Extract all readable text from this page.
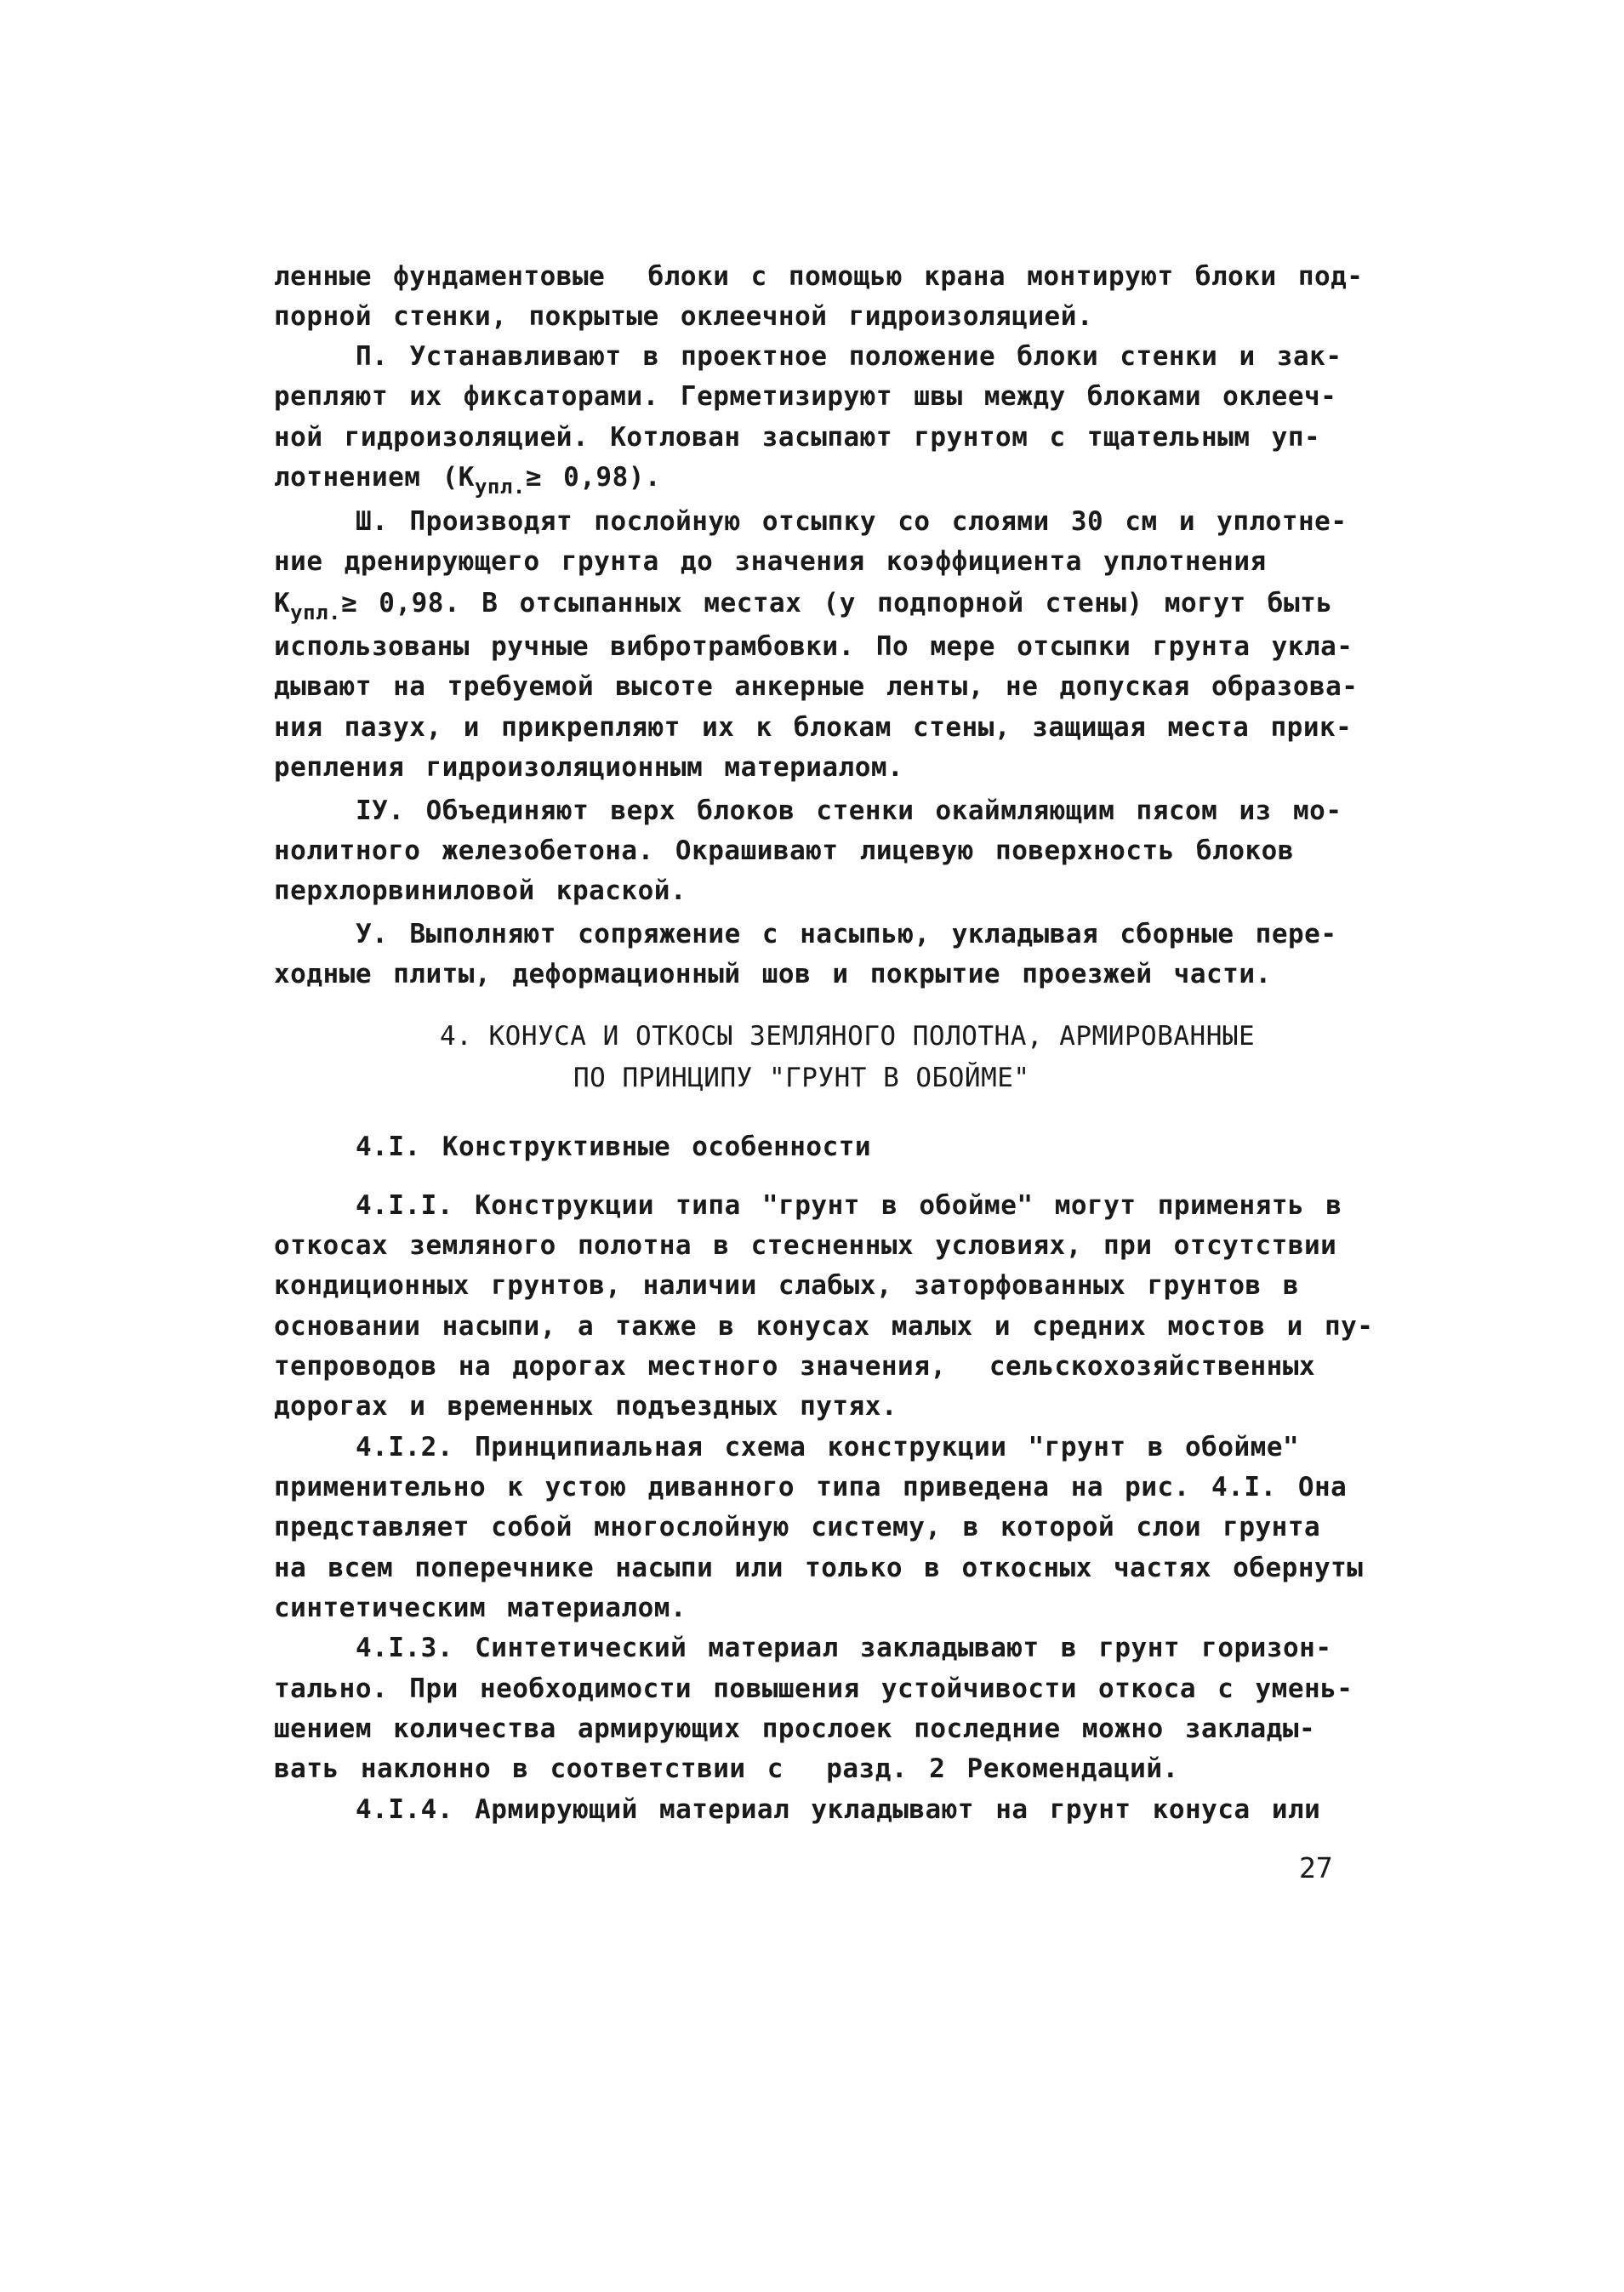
ленные фундаментовые  блоки с помощью крана монтируют блоки под-
порной стенки, покрытые оклеечной гидроизоляцией.
П. Устанавливают в проектное положение блоки стенки и зак-
репляют их фиксаторами. Герметизируют швы между блоками оклееч-
ной гидроизоляцией. Котлован засыпают грунтом с тщательным уп-
лотнением $(К_{упл.}\ge 0,98)$.
Ш. Производят послойную отсыпку со слоями 30 см и уплотне-
ние дренирующего грунта до значения коэффициента уплотнения
$К_{упл.}\ge 0,98$. В отсыпанных местах (у подпорной стены) могут быть
использованы ручные вибротрамбовки. По мере отсыпки грунта укла-
дывают на требуемой высоте анкерные ленты, не допуская образова-
ния пазух, и прикрепляют их к блокам стены, защищая места прик-
репления гидроизоляционным материалом.
IУ. Объединяют верх блоков стенки окаймляющим пясом из мо-
нолитного железобетона. Окрашивают лицевую поверхность блоков
перхлорвиниловой краской.
У. Выполняют сопряжение с насыпью, укладывая сборные пере-
ходные плиты, деформационный шов и покрытие проезжей части.
4. КОНУСА И ОТКОСЫ ЗЕМЛЯНОГО ПОЛОТНА, АРМИРОВАННЫЕ
ПО ПРИНЦИПУ "ГРУНТ В ОБОЙМЕ"
4.I. Конструктивные особенности
4.I.I. Конструкции типа "грунт в обойме" могут применять в
откосах земляного полотна в стесненных условиях, при отсутствии
кондиционных грунтов, наличии слабых, заторфованных грунтов в
основании насыпи, а также в конусах малых и средних мостов и пу-
тепроводов на дорогах местного значения,  сельскохозяйственных
дорогах и временных подъездных путях.
4.I.2. Принципиальная схема конструкции "грунт в обойме"
применительно к устою диванного типа приведена на рис. 4.I. Она
представляет собой многослойную систему, в которой слои грунта
на всем поперечнике насыпи или только в откосных частях обернуты
синтетическим материалом.
4.I.3. Синтетический материал закладывают в грунт горизон-
тально. При необходимости повышения устойчивости откоса с умень-
шением количества армирующих прослоек последние можно заклады-
вать наклонно в соответствии с  разд. 2 Рекомендаций.
4.I.4. Армирующий материал укладывают на грунт конуса или
27
